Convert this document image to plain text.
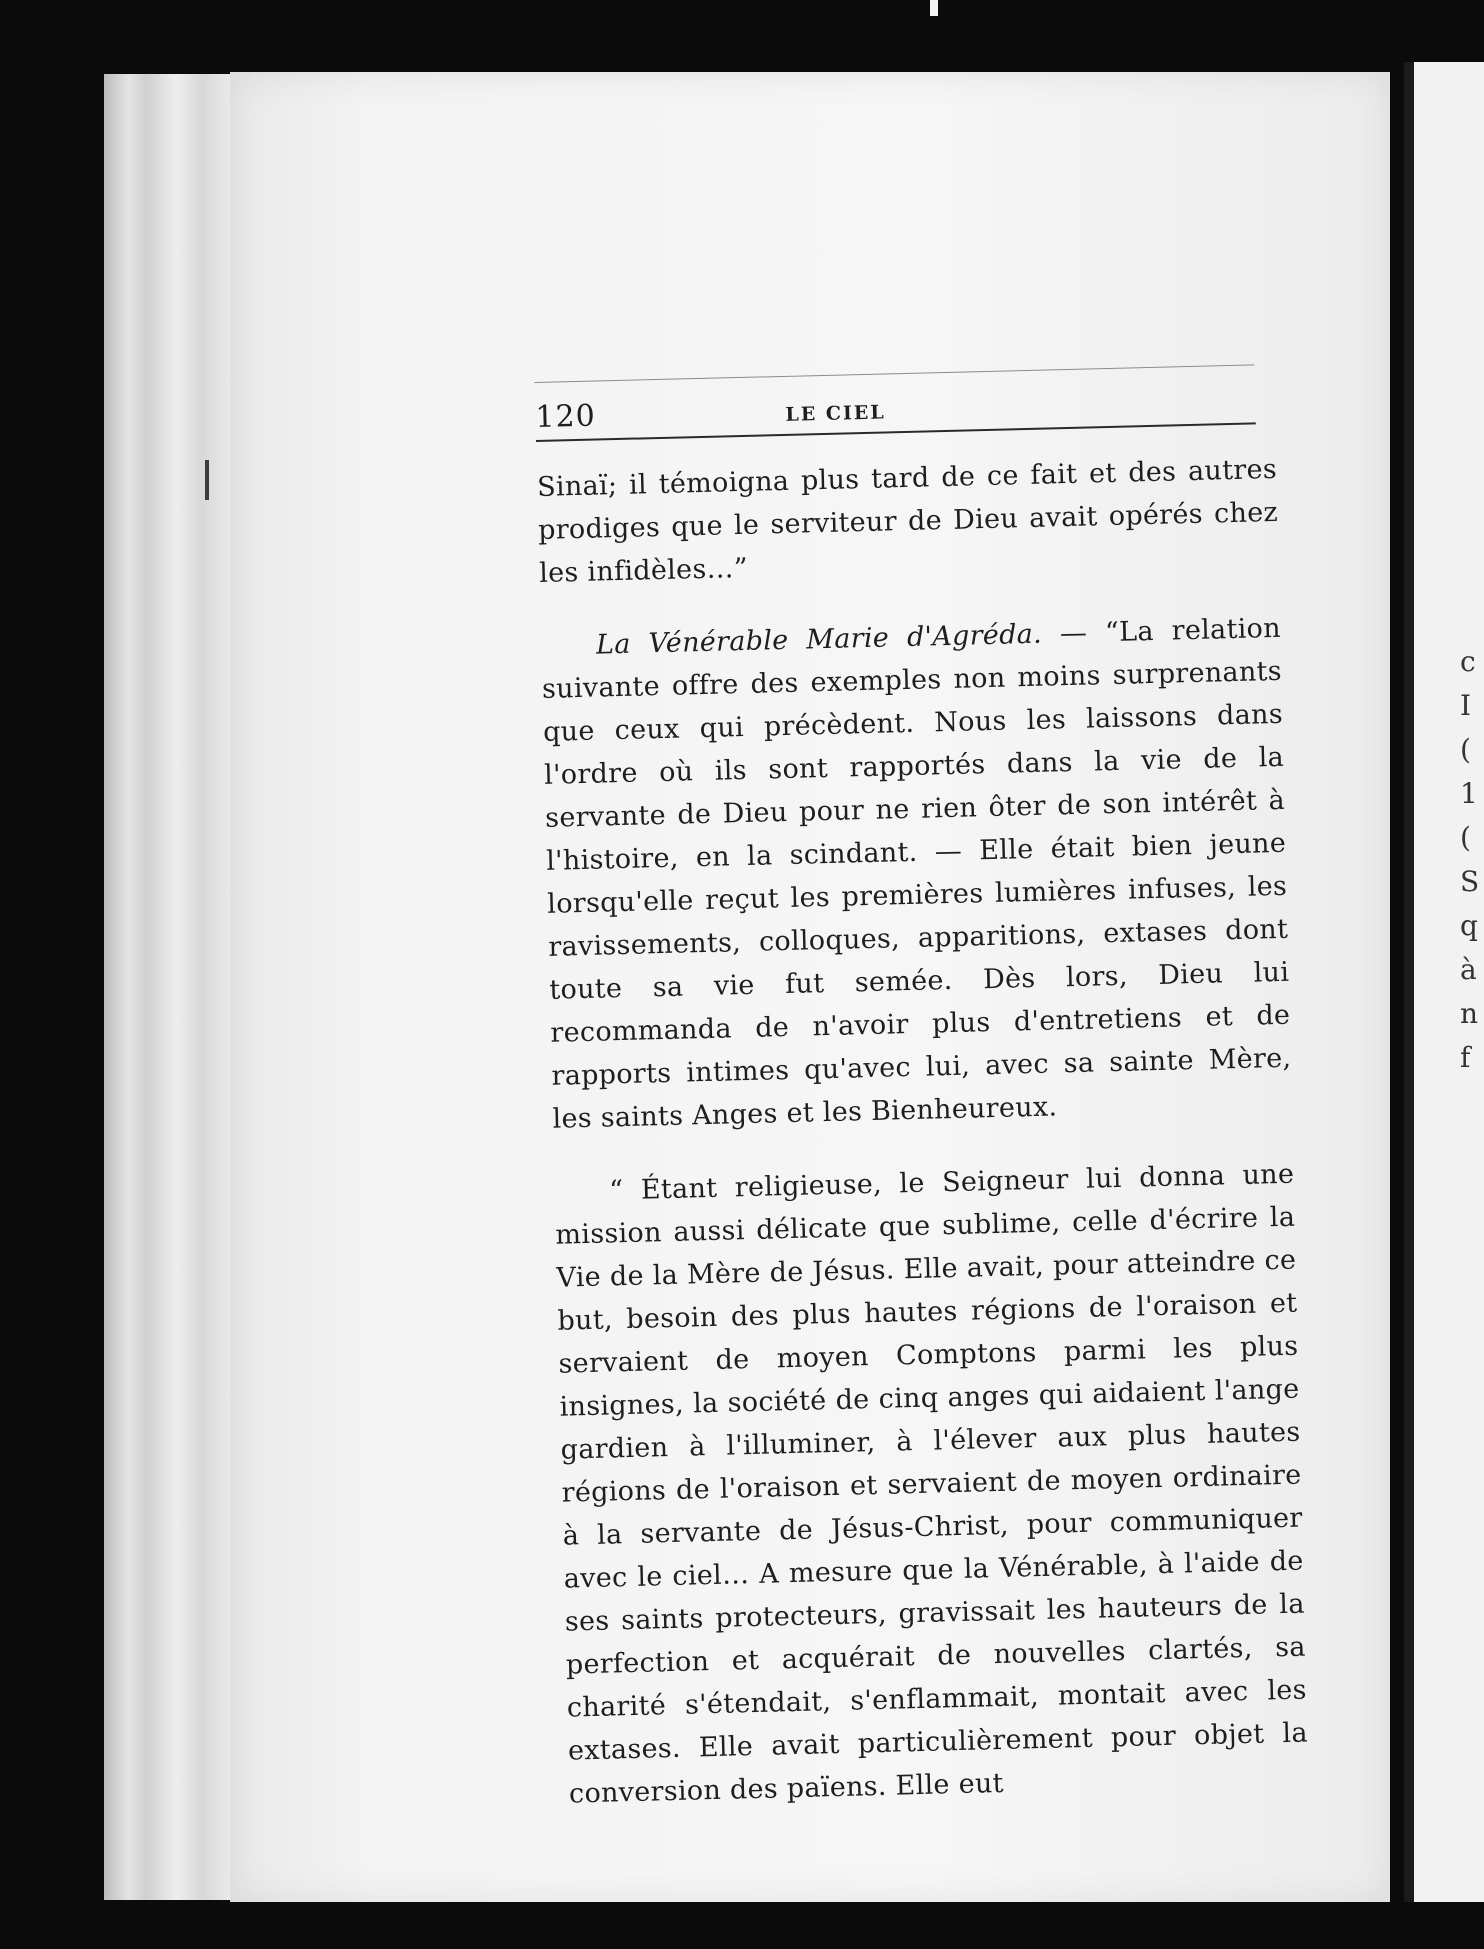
c
I
(
1
(
S
q
à
n
f
120	LE CIEL

Sinaï; il témoigna plus tard de ce fait et des autres prodiges que le serviteur de Dieu avait opérés chez les infidèles…”

La Vénérable Marie d'Agréda. — “La relation suivante offre des exemples non moins surprenants que ceux qui précèdent. Nous les laissons dans l'ordre où ils sont rapportés dans la vie de la servante de Dieu pour ne rien ôter de son intérêt à l'histoire, en la scindant. — Elle était bien jeune lorsqu'elle reçut les premières lumières infuses, les ravissements, colloques, apparitions, extases dont toute sa vie fut semée. Dès lors, Dieu lui recommanda de n'avoir plus d'entretiens et de rapports intimes qu'avec lui, avec sa sainte Mère, les saints Anges et les Bienheureux.

“ Étant religieuse, le Seigneur lui donna une mission aussi délicate que sublime, celle d'écrire la Vie de la Mère de Jésus. Elle avait, pour atteindre ce but, besoin des plus hautes régions de l'oraison et servaient de moyen Comptons parmi les plus insignes, la société de cinq anges qui aidaient l'ange gardien à l'illuminer, à l'élever aux plus hautes régions de l'oraison et servaient de moyen ordinaire à la servante de Jésus-Christ, pour communiquer avec le ciel… A mesure que la Vénérable, à l'aide de ses saints protecteurs, gravissait les hauteurs de la perfection et acquérait de nouvelles clartés, sa charité s'étendait, s'enflammait, montait avec les extases. Elle avait particulièrement pour objet la conversion des païens. Elle eut
